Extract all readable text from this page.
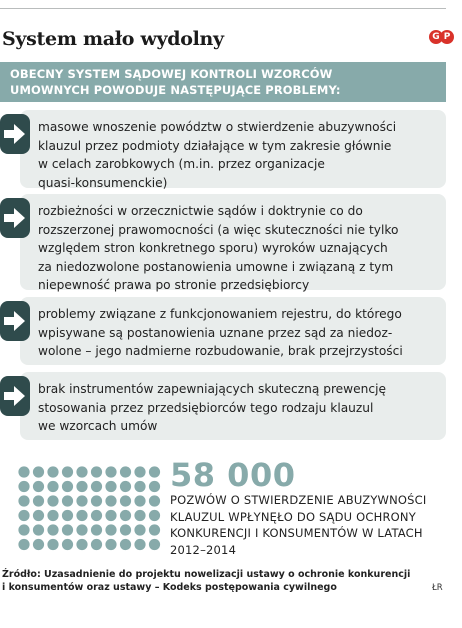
System mało wydolny	G P
OBECNY SYSTEM SĄDOWEJ KONTROLI WZORCÓW
UMOWNYCH POWODUJE NASTĘPUJĄCE PROBLEMY:
masowe wnoszenie powództw o stwierdzenie abuzywności
klauzul przez podmioty działające w tym zakresie głównie
w celach zarobkowych (m.in. przez organizacje
quasi-konsumenckie)
rozbieżności w orzecznictwie sądów i doktrynie co do
rozszerzonej prawomocności (a więc skuteczności nie tylko
względem stron konkretnego sporu) wyroków uznających
za niedozwolone postanowienia umowne i związaną z tym
niepewność prawa po stronie przedsiębiorcy
problemy związane z funkcjonowaniem rejestru, do którego
wpisywane są postanowienia uznane przez sąd za niedoz-
wolone – jego nadmierne rozbudowanie, brak przejrzystości
brak instrumentów zapewniających skuteczną prewencję
stosowania przez przedsiębiorców tego rodzaju klauzul
we wzorcach umów
58 000
POZWÓW O STWIERDZENIE ABUZYWNOŚCI
KLAUZUL WPŁYNĘŁO DO SĄDU OCHRONY
KONKURENCJI I KONSUMENTÓW W LATACH
2012–2014
Źródło: Uzasadnienie do projektu nowelizacji ustawy o ochronie konkurencji
i konsumentów oraz ustawy – Kodeks postępowania cywilnego	ŁR
